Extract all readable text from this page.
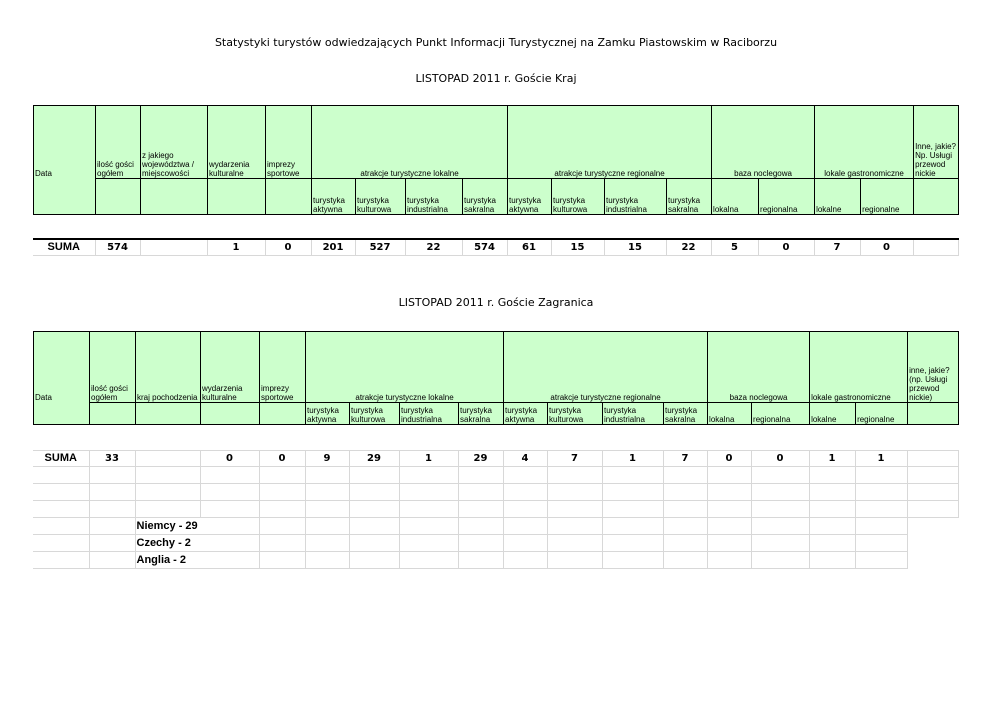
Statystyki turystów odwiedzających Punkt Informacji Turystycznej na Zamku Piastowskim w Raciborzu
LISTOPAD 2011 r. Goście Kraj
Data	ilość gości ogółem	z jakiego województwa / miejscowości	wydarzenia kulturalne	imprezy sportowe	atrakcje turystyczne lokalne				atrakcje turystyczne regionalne				baza noclegowa		lokale gastronomiczne		Inne, jakie? Np. Usługi przewod nickie
					turystyka aktywna	turystyka kulturowa	turystyka industrialna	turystyka sakralna	turystyka aktywna	turystyka kulturowa	turystyka industrialna	turystyka sakralna	lokalna	regionalna	lokalne	regionalne	
SUMA	574		1	0	201	527	22	574	61	15	15	22	5	0	7	0	
LISTOPAD 2011 r. Goście Zagranica
Data	ilość gości ogółem	kraj pochodzenia	wydarzenia kulturalne	imprezy sportowe	atrakcje turystyczne lokalne				atrakcje turystyczne regionalne				baza noclegowa		lokale gastronomiczne		inne, jakie? (np. Usługi przewod nickie)
					turystyka aktywna	turystyka kulturowa	turystyka industrialna	turystyka sakralna	turystyka aktywna	turystyka kulturowa	turystyka industrialna	turystyka sakralna	lokalna	regionalna	lokalne	regionalne	
SUMA	33		0	0	9	29	1	29	4	7	1	7	0	0	1	1	

		Niemcy - 29															
		Czechy - 2															
		Anglia - 2															
